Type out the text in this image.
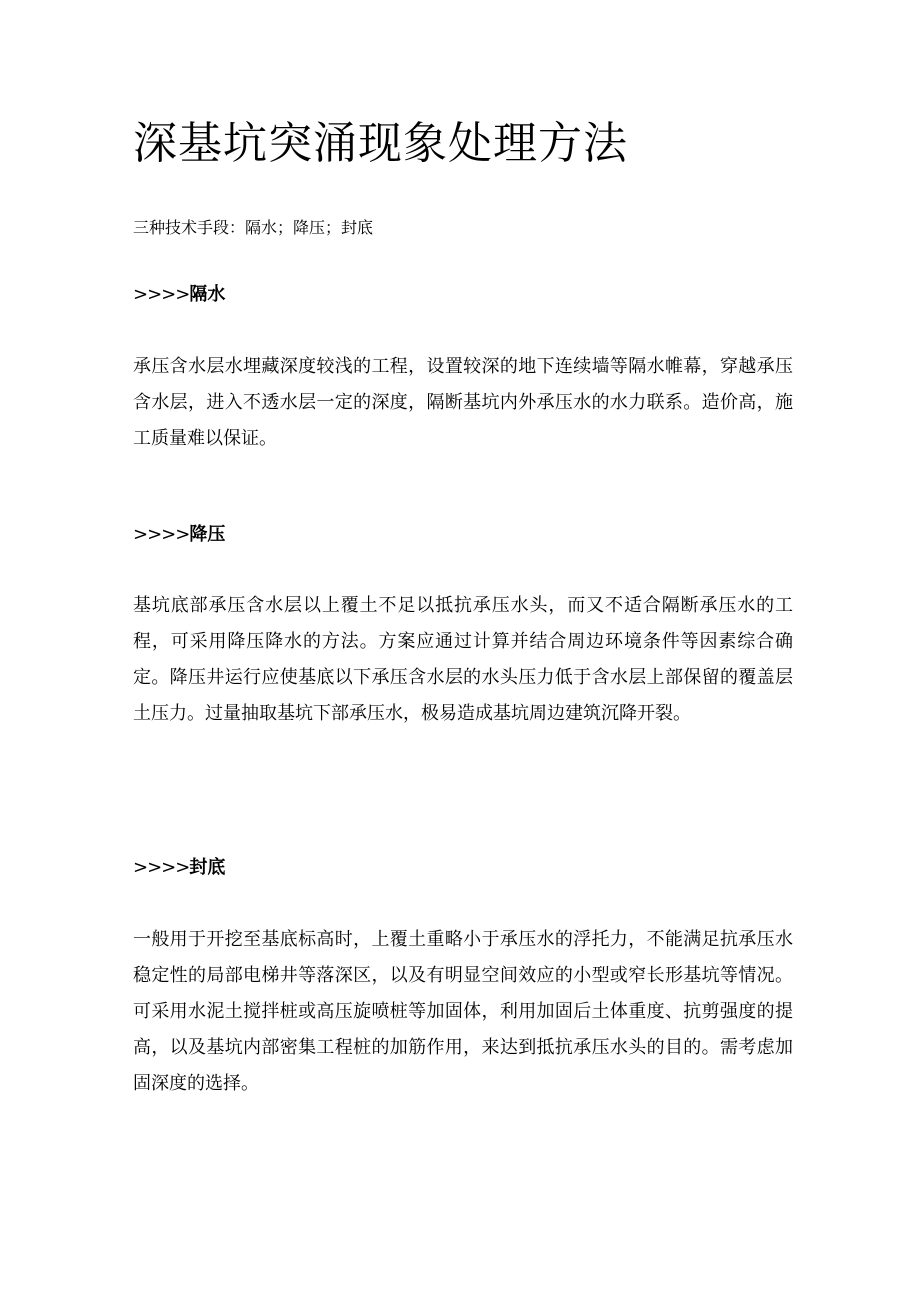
深基坑突涌现象处理方法

三种技术手段：隔水；降压；封底

>>>>隔水

承压含水层水埋藏深度较浅的工程，设置较深的地下连续墙等隔水帷幕，穿越承压含水层，进入不透水层一定的深度，隔断基坑内外承压水的水力联系。造价高，施工质量难以保证。

>>>>降压

基坑底部承压含水层以上覆土不足以抵抗承压水头，而又不适合隔断承压水的工程，可采用降压降水的方法。方案应通过计算并结合周边环境条件等因素综合确定。降压井运行应使基底以下承压含水层的水头压力低于含水层上部保留的覆盖层土压力。过量抽取基坑下部承压水，极易造成基坑周边建筑沉降开裂。

>>>>封底

一般用于开挖至基底标高时，上覆土重略小于承压水的浮托力，不能满足抗承压水稳定性的局部电梯井等落深区，以及有明显空间效应的小型或窄长形基坑等情况。可采用水泥土搅拌桩或高压旋喷桩等加固体，利用加固后土体重度、抗剪强度的提高，以及基坑内部密集工程桩的加筋作用，来达到抵抗承压水头的目的。需考虑加固深度的选择。
